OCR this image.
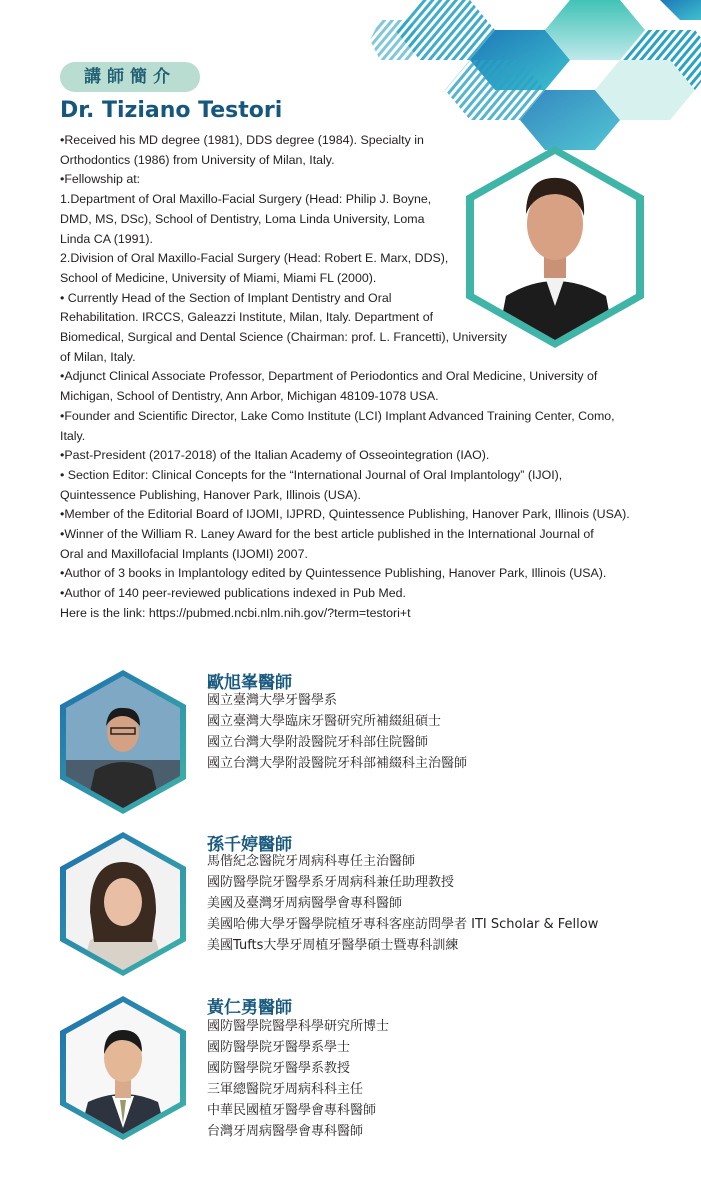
講師簡介
Dr. Tiziano Testori

•Received his MD degree (1981), DDS degree (1984). Specialty in

Orthodontics (1986) from University of Milan, Italy.

•Fellowship at:

1.Department of Oral Maxillo-Facial Surgery (Head: Philip J. Boyne,

DMD, MS, DSc), School of Dentistry, Loma Linda University, Loma

Linda CA (1991).

2.Division of Oral Maxillo-Facial Surgery (Head: Robert E. Marx, DDS),

School of Medicine, University of Miami, Miami FL (2000).

• Currently Head of the Section of Implant Dentistry and Oral

Rehabilitation. IRCCS, Galeazzi Institute, Milan, Italy. Department of

Biomedical, Surgical and Dental Science (Chairman: prof. L. Francetti), University

of Milan, Italy.

•Adjunct Clinical Associate Professor, Department of Periodontics and Oral Medicine, University of

Michigan, School of Dentistry, Ann Arbor, Michigan 48109-1078 USA.

•Founder and Scientific Director, Lake Como Institute (LCI) Implant Advanced Training Center, Como,

Italy.

•Past-President (2017-2018) of the Italian Academy of Osseointegration (IAO).

• Section Editor: Clinical Concepts for the “International Journal of Oral Implantology” (IJOI),

Quintessence Publishing, Hanover Park, Illinois (USA).

•Member of the Editorial Board of IJOMI, IJPRD, Quintessence Publishing, Hanover Park, Illinois (USA).

•Winner of the William R. Laney Award for the best article published in the International Journal of

Oral and Maxillofacial Implants (IJOMI) 2007.

•Author of 3 books in Implantology edited by Quintessence Publishing, Hanover Park, Illinois (USA).

•Author of 140 peer-reviewed publications indexed in Pub Med.

Here is the link: https://pubmed.ncbi.nlm.nih.gov/?term=testori+t

歐旭峯醫師
國立臺灣大學牙醫學系
國立臺灣大學臨床牙醫研究所補綴組碩士
國立台灣大學附設醫院牙科部住院醫師
國立台灣大學附設醫院牙科部補綴科主治醫師
孫千婷醫師
馬偕紀念醫院牙周病科專任主治醫師
國防醫學院牙醫學系牙周病科兼任助理教授
美國及臺灣牙周病醫學會專科醫師
美國哈佛大學牙醫學院植牙專科客座訪問學者 ITI Scholar & Fellow
美國Tufts大學牙周植牙醫學碩士暨專科訓練
黃仁勇醫師
國防醫學院醫學科學研究所博士
國防醫學院牙醫學系學士
國防醫學院牙醫學系教授
三軍總醫院牙周病科科主任
中華民國植牙醫學會專科醫師
台灣牙周病醫學會專科醫師
